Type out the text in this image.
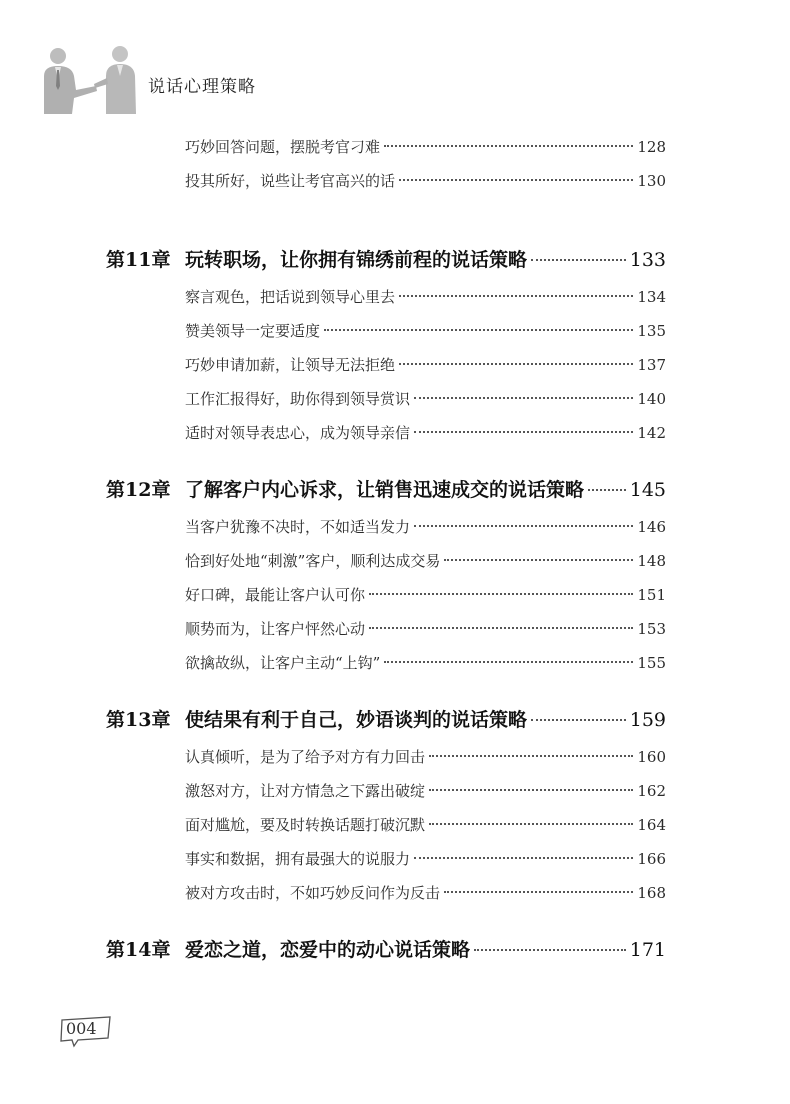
说话心理策略
巧妙回答问题，摆脱考官刁难	128
投其所好，说些让考官高兴的话	130
第11章 玩转职场，让你拥有锦绣前程的说话策略	133
察言观色，把话说到领导心里去	134
赞美领导一定要适度	135
巧妙申请加薪，让领导无法拒绝	137
工作汇报得好，助你得到领导赏识	140
适时对领导表忠心，成为领导亲信	142
第12章 了解客户内心诉求，让销售迅速成交的说话策略 145
当客户犹豫不决时，不如适当发力	146
恰到好处地“刺激”客户，顺利达成交易	148
好口碑，最能让客户认可你	151
顺势而为，让客户怦然心动	153
欲擒故纵，让客户主动“上钩”	155
第13章 使结果有利于自己，妙语谈判的说话策略	159
认真倾听，是为了给予对方有力回击	160
激怒对方，让对方情急之下露出破绽	162
面对尴尬，要及时转换话题打破沉默	164
事实和数据，拥有最强大的说服力	166
被对方攻击时，不如巧妙反问作为反击	168
第14章 爱恋之道，恋爱中的动心说话策略	171
004
